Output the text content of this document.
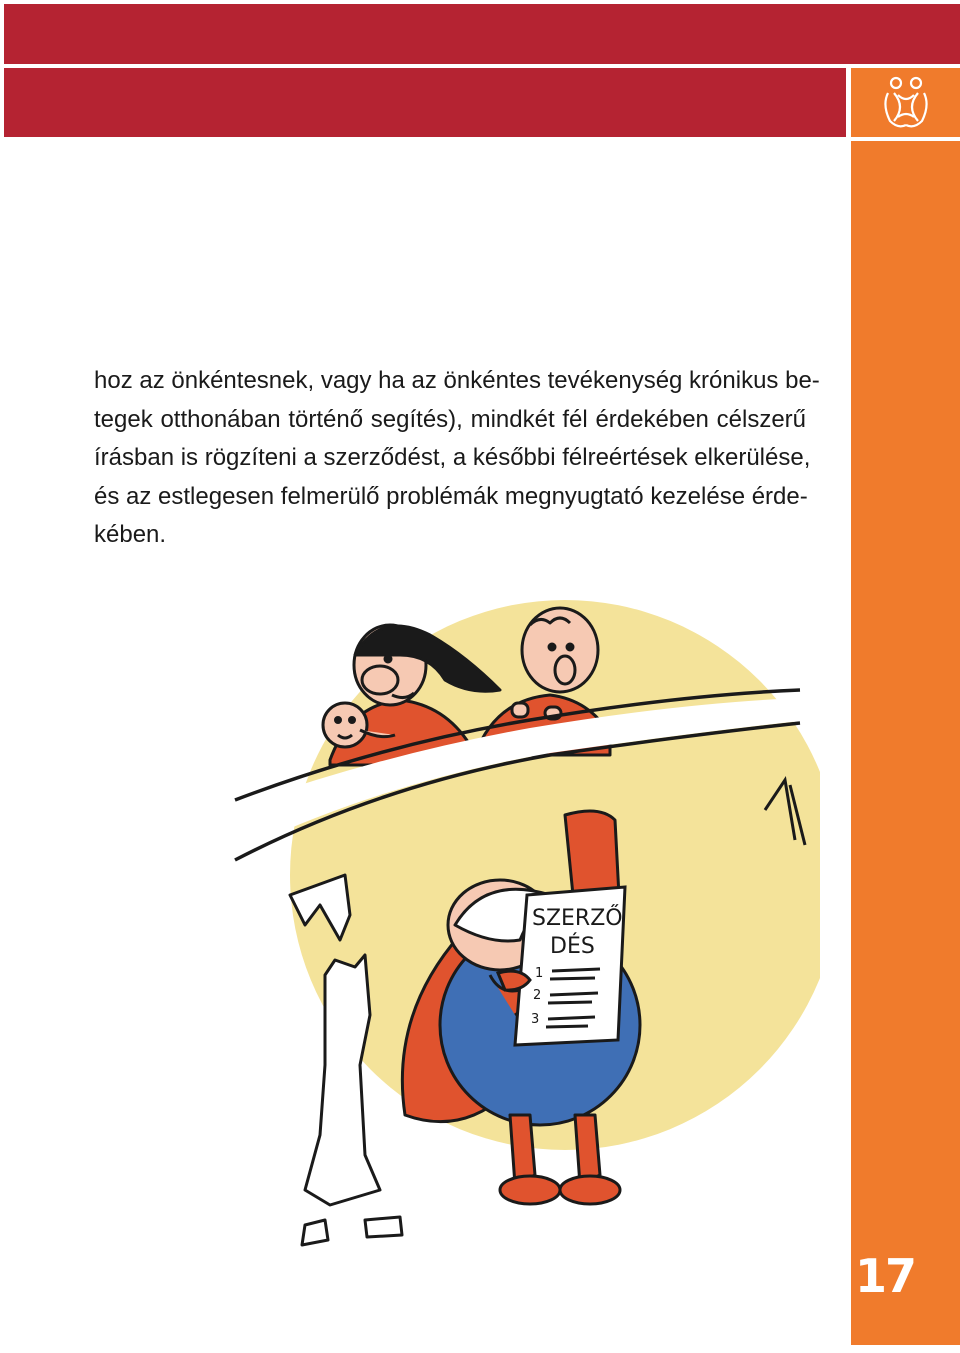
17
hoz az önkéntesnek, vagy ha az önkéntes tevékenység krónikus be-
tegek otthonában történő segítés), mindkét fél érdekében célszerű
írásban is rögzíteni a szerződést, a későbbi félreértések elkerülése,
és az estlegesen felmerülő problémák megnyugtató kezelése érde-
kében.
SZERZŐ
DÉS
1
2
3
